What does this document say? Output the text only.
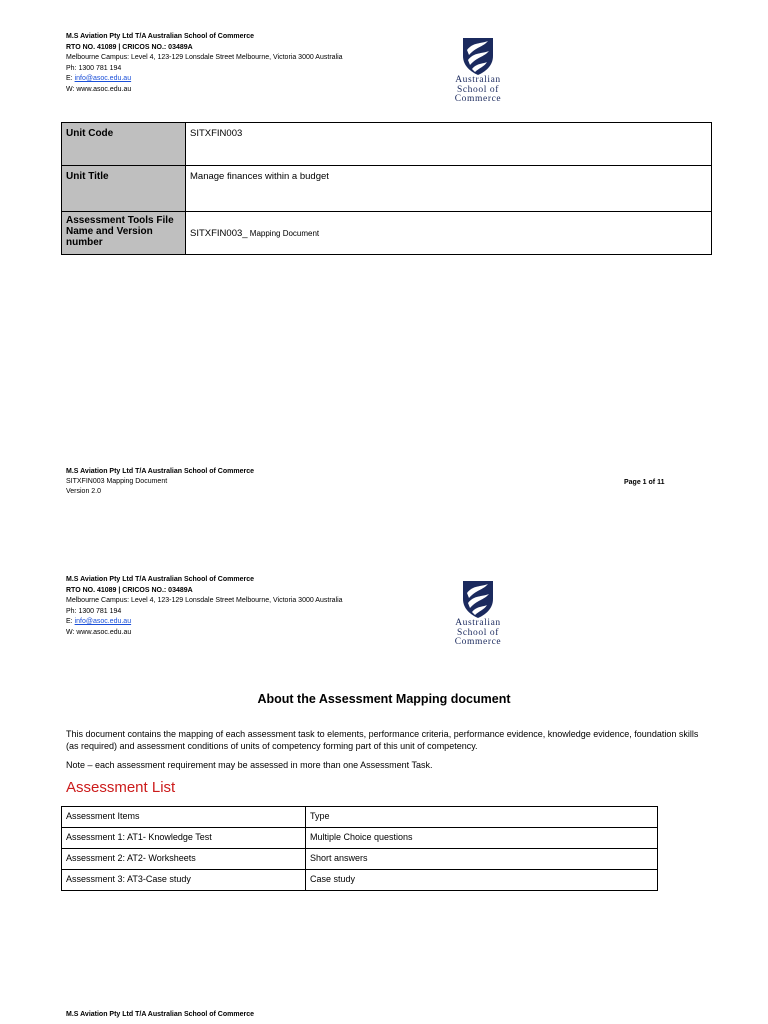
M.S Aviation Pty Ltd T/A Australian School of Commerce
RTO NO. 41089 | CRICOS NO.: 03489A
Melbourne Campus: Level 4, 123-129 Lonsdale Street Melbourne, Victoria 3000 Australia
Ph: 1300 781 194
E: info@asoc.edu.au
W: www.asoc.edu.au
Australian
School of
Commerce
Unit Code	SITXFIN003
Unit Title	Manage finances within a budget
Assessment Tools File Name and Version number	SITXFIN003_ Mapping Document
M.S Aviation Pty Ltd T/A Australian School of Commerce
SITXFIN003 Mapping Document
Version 2.0
Page 1 of 11
M.S Aviation Pty Ltd T/A Australian School of Commerce
RTO NO. 41089 | CRICOS NO.: 03489A
Melbourne Campus: Level 4, 123-129 Lonsdale Street Melbourne, Victoria 3000 Australia
Ph: 1300 781 194
E: info@asoc.edu.au
W: www.asoc.edu.au
Australian
School of
Commerce
About the Assessment Mapping document
This document contains the mapping of each assessment task to elements, performance criteria, performance evidence, knowledge evidence, foundation skills (as required) and assessment conditions of units of competency forming part of this unit of competency.
Note – each assessment requirement may be assessed in more than one Assessment Task.
Assessment List
Assessment Items	Type
Assessment 1: AT1- Knowledge Test	Multiple Choice questions
Assessment 2: AT2- Worksheets	Short answers
Assessment 3: AT3-Case study	Case study
M.S Aviation Pty Ltd T/A Australian School of Commerce
